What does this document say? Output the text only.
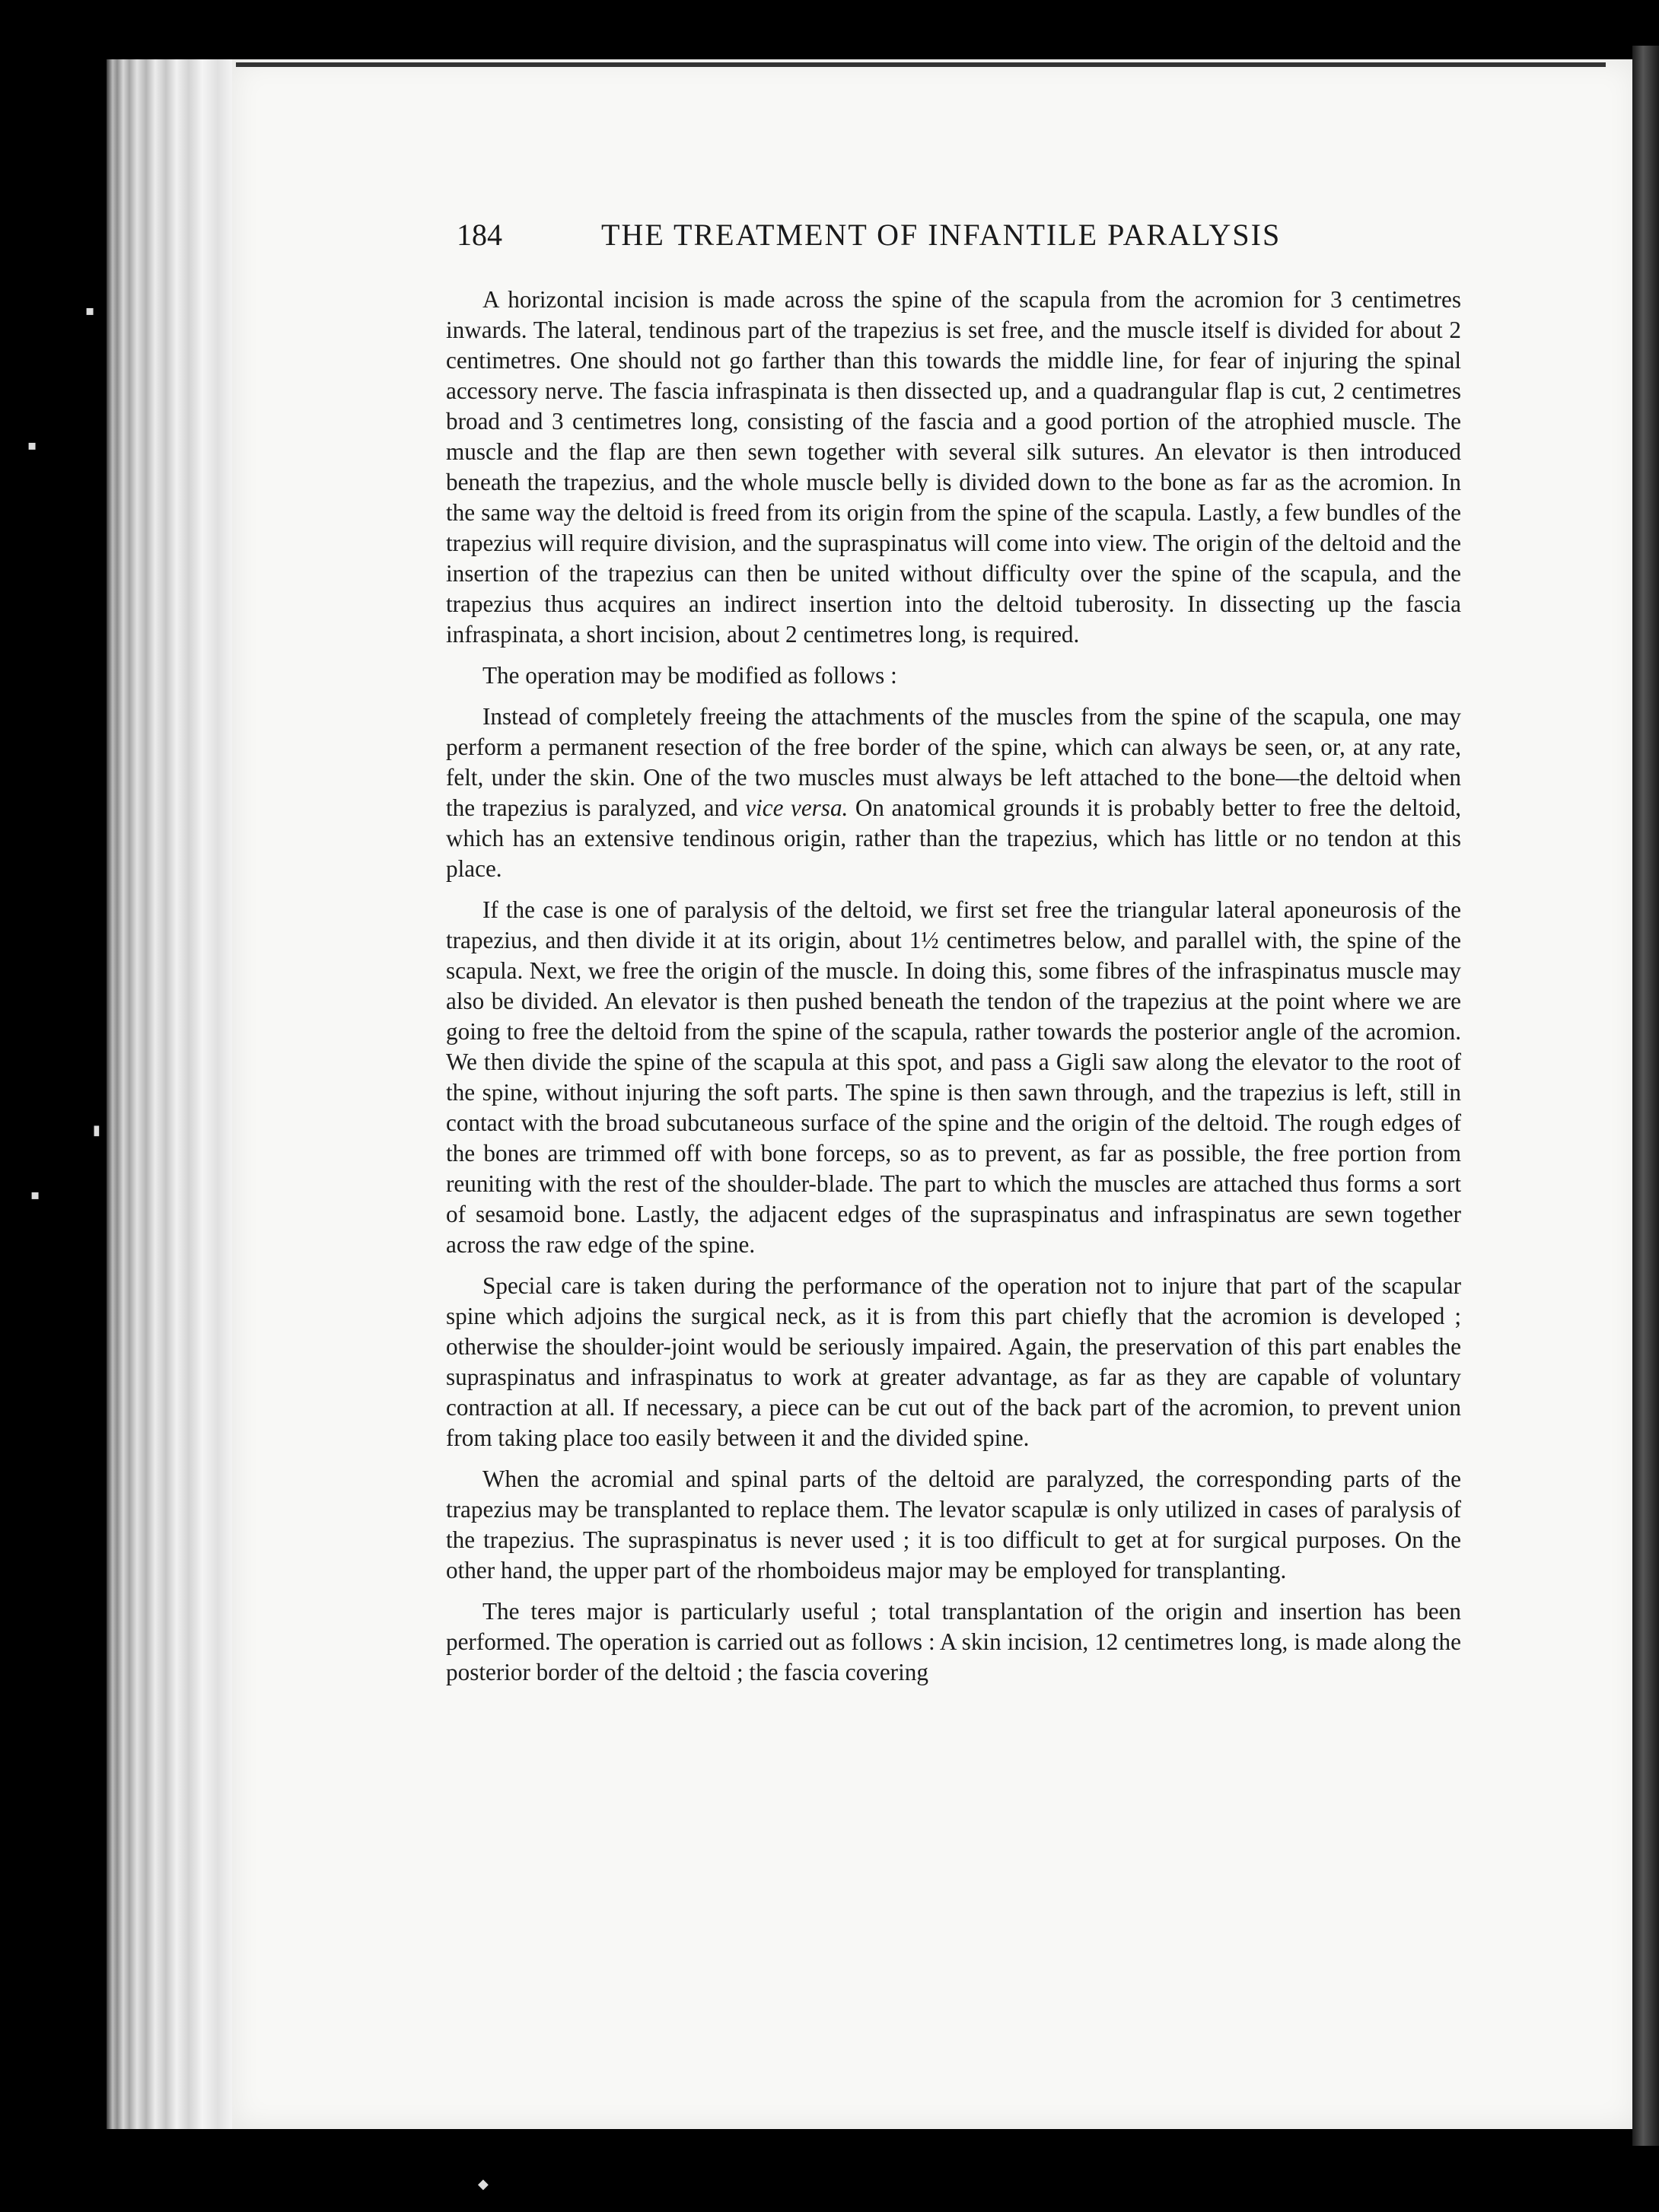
▪
▪
▮
▪
◆
184	THE TREATMENT OF INFANTILE PARALYSIS

A horizontal incision is made across the spine of the scapula from the acromion for 3 centimetres inwards. The lateral, tendinous part of the trapezius is set free, and the muscle itself is divided for about 2 centimetres. One should not go farther than this towards the middle line, for fear of injuring the spinal accessory nerve. The fascia infraspinata is then dissected up, and a quadrangular flap is cut, 2 centimetres broad and 3 centimetres long, consisting of the fascia and a good portion of the atrophied muscle. The muscle and the flap are then sewn together with several silk sutures. An elevator is then introduced beneath the trapezius, and the whole muscle belly is divided down to the bone as far as the acromion. In the same way the deltoid is freed from its origin from the spine of the scapula. Lastly, a few bundles of the trapezius will require division, and the supraspinatus will come into view. The origin of the deltoid and the insertion of the trapezius can then be united without difficulty over the spine of the scapula, and the trapezius thus acquires an indirect insertion into the deltoid tuberosity. In dissecting up the fascia infraspinata, a short incision, about 2 centimetres long, is required.

The operation may be modified as follows :

Instead of completely freeing the attachments of the muscles from the spine of the scapula, one may perform a permanent resection of the free border of the spine, which can always be seen, or, at any rate, felt, under the skin. One of the two muscles must always be left attached to the bone—the deltoid when the trapezius is paralyzed, and vice versa. On anatomical grounds it is probably better to free the deltoid, which has an extensive tendinous origin, rather than the trapezius, which has little or no tendon at this place.

If the case is one of paralysis of the deltoid, we first set free the triangular lateral aponeurosis of the trapezius, and then divide it at its origin, about 1½ centimetres below, and parallel with, the spine of the scapula. Next, we free the origin of the muscle. In doing this, some fibres of the infraspinatus muscle may also be divided. An elevator is then pushed beneath the tendon of the trapezius at the point where we are going to free the deltoid from the spine of the scapula, rather towards the posterior angle of the acromion. We then divide the spine of the scapula at this spot, and pass a Gigli saw along the elevator to the root of the spine, without injuring the soft parts. The spine is then sawn through, and the trapezius is left, still in contact with the broad subcutaneous surface of the spine and the origin of the deltoid. The rough edges of the bones are trimmed off with bone forceps, so as to prevent, as far as possible, the free portion from reuniting with the rest of the shoulder-blade. The part to which the muscles are attached thus forms a sort of sesamoid bone. Lastly, the adjacent edges of the supraspinatus and infraspinatus are sewn together across the raw edge of the spine.

Special care is taken during the performance of the operation not to injure that part of the scapular spine which adjoins the surgical neck, as it is from this part chiefly that the acromion is developed ; otherwise the shoulder-joint would be seriously impaired. Again, the preservation of this part enables the supraspinatus and infraspinatus to work at greater advantage, as far as they are capable of voluntary contraction at all. If necessary, a piece can be cut out of the back part of the acromion, to prevent union from taking place too easily between it and the divided spine.

When the acromial and spinal parts of the deltoid are paralyzed, the corresponding parts of the trapezius may be transplanted to replace them. The levator scapulæ is only utilized in cases of paralysis of the trapezius. The supraspinatus is never used ; it is too difficult to get at for surgical purposes. On the other hand, the upper part of the rhomboideus major may be employed for transplanting.

The teres major is particularly useful ; total transplantation of the origin and insertion has been performed. The operation is carried out as follows : A skin incision, 12 centimetres long, is made along the posterior border of the deltoid ; the fascia covering
